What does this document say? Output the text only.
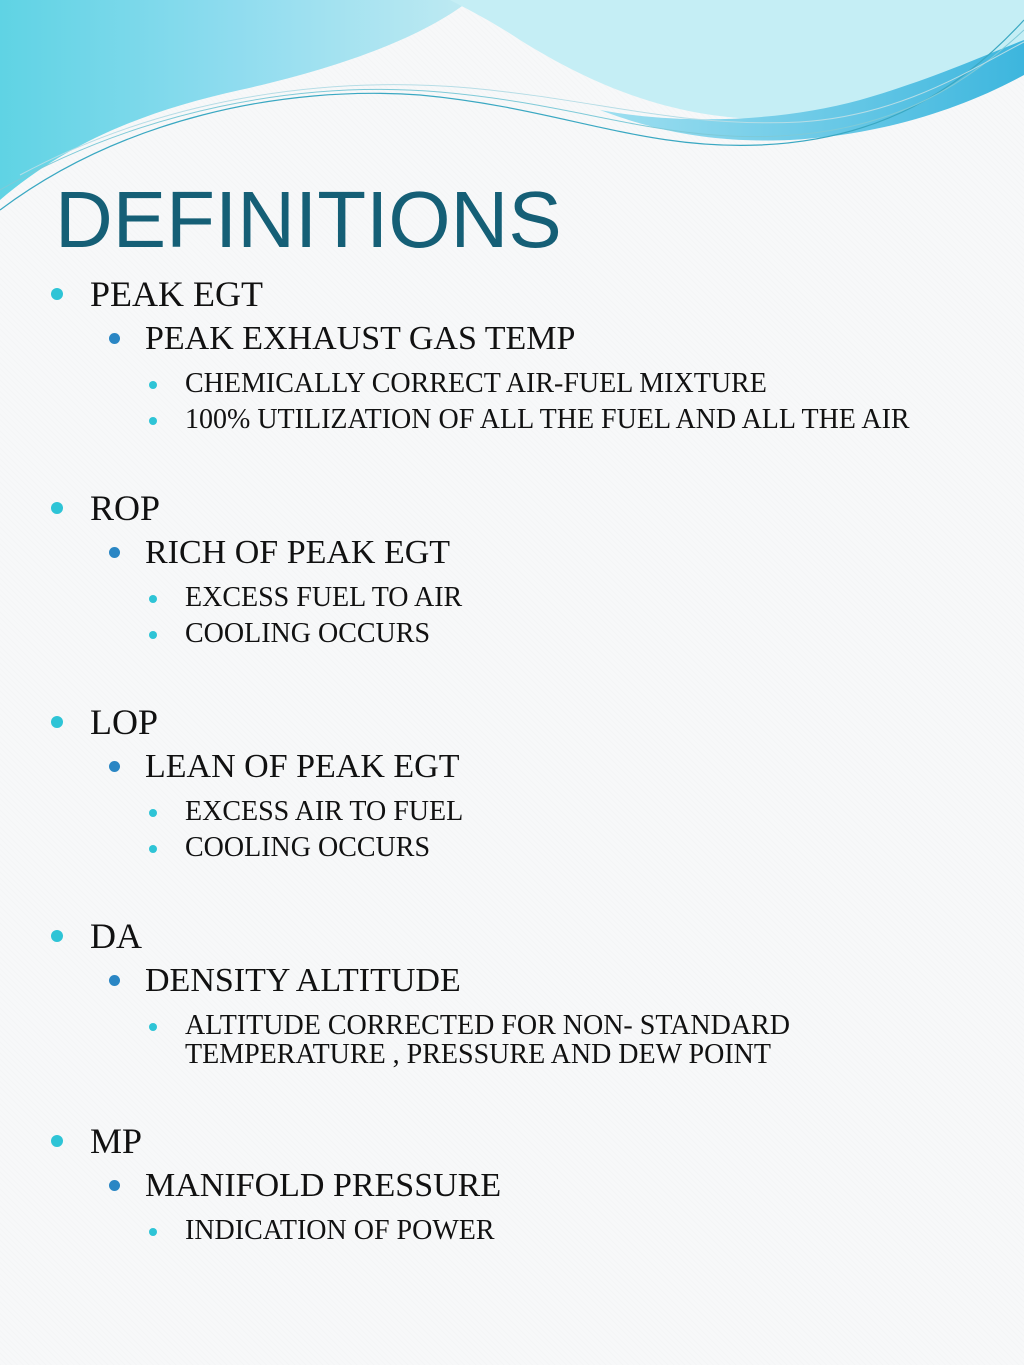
DEFINITIONS
PEAK EGT
PEAK EXHAUST GAS TEMP
CHEMICALLY CORRECT AIR-FUEL MIXTURE
100% UTILIZATION OF ALL THE FUEL AND ALL THE AIR
ROP
RICH OF PEAK EGT
EXCESS FUEL TO AIR
COOLING OCCURS
LOP
LEAN OF PEAK EGT
EXCESS AIR TO FUEL
COOLING OCCURS
DA
DENSITY ALTITUDE
ALTITUDE CORRECTED FOR NON- STANDARD TEMPERATURE , PRESSURE AND DEW POINT
MP
MANIFOLD PRESSURE
INDICATION OF POWER
